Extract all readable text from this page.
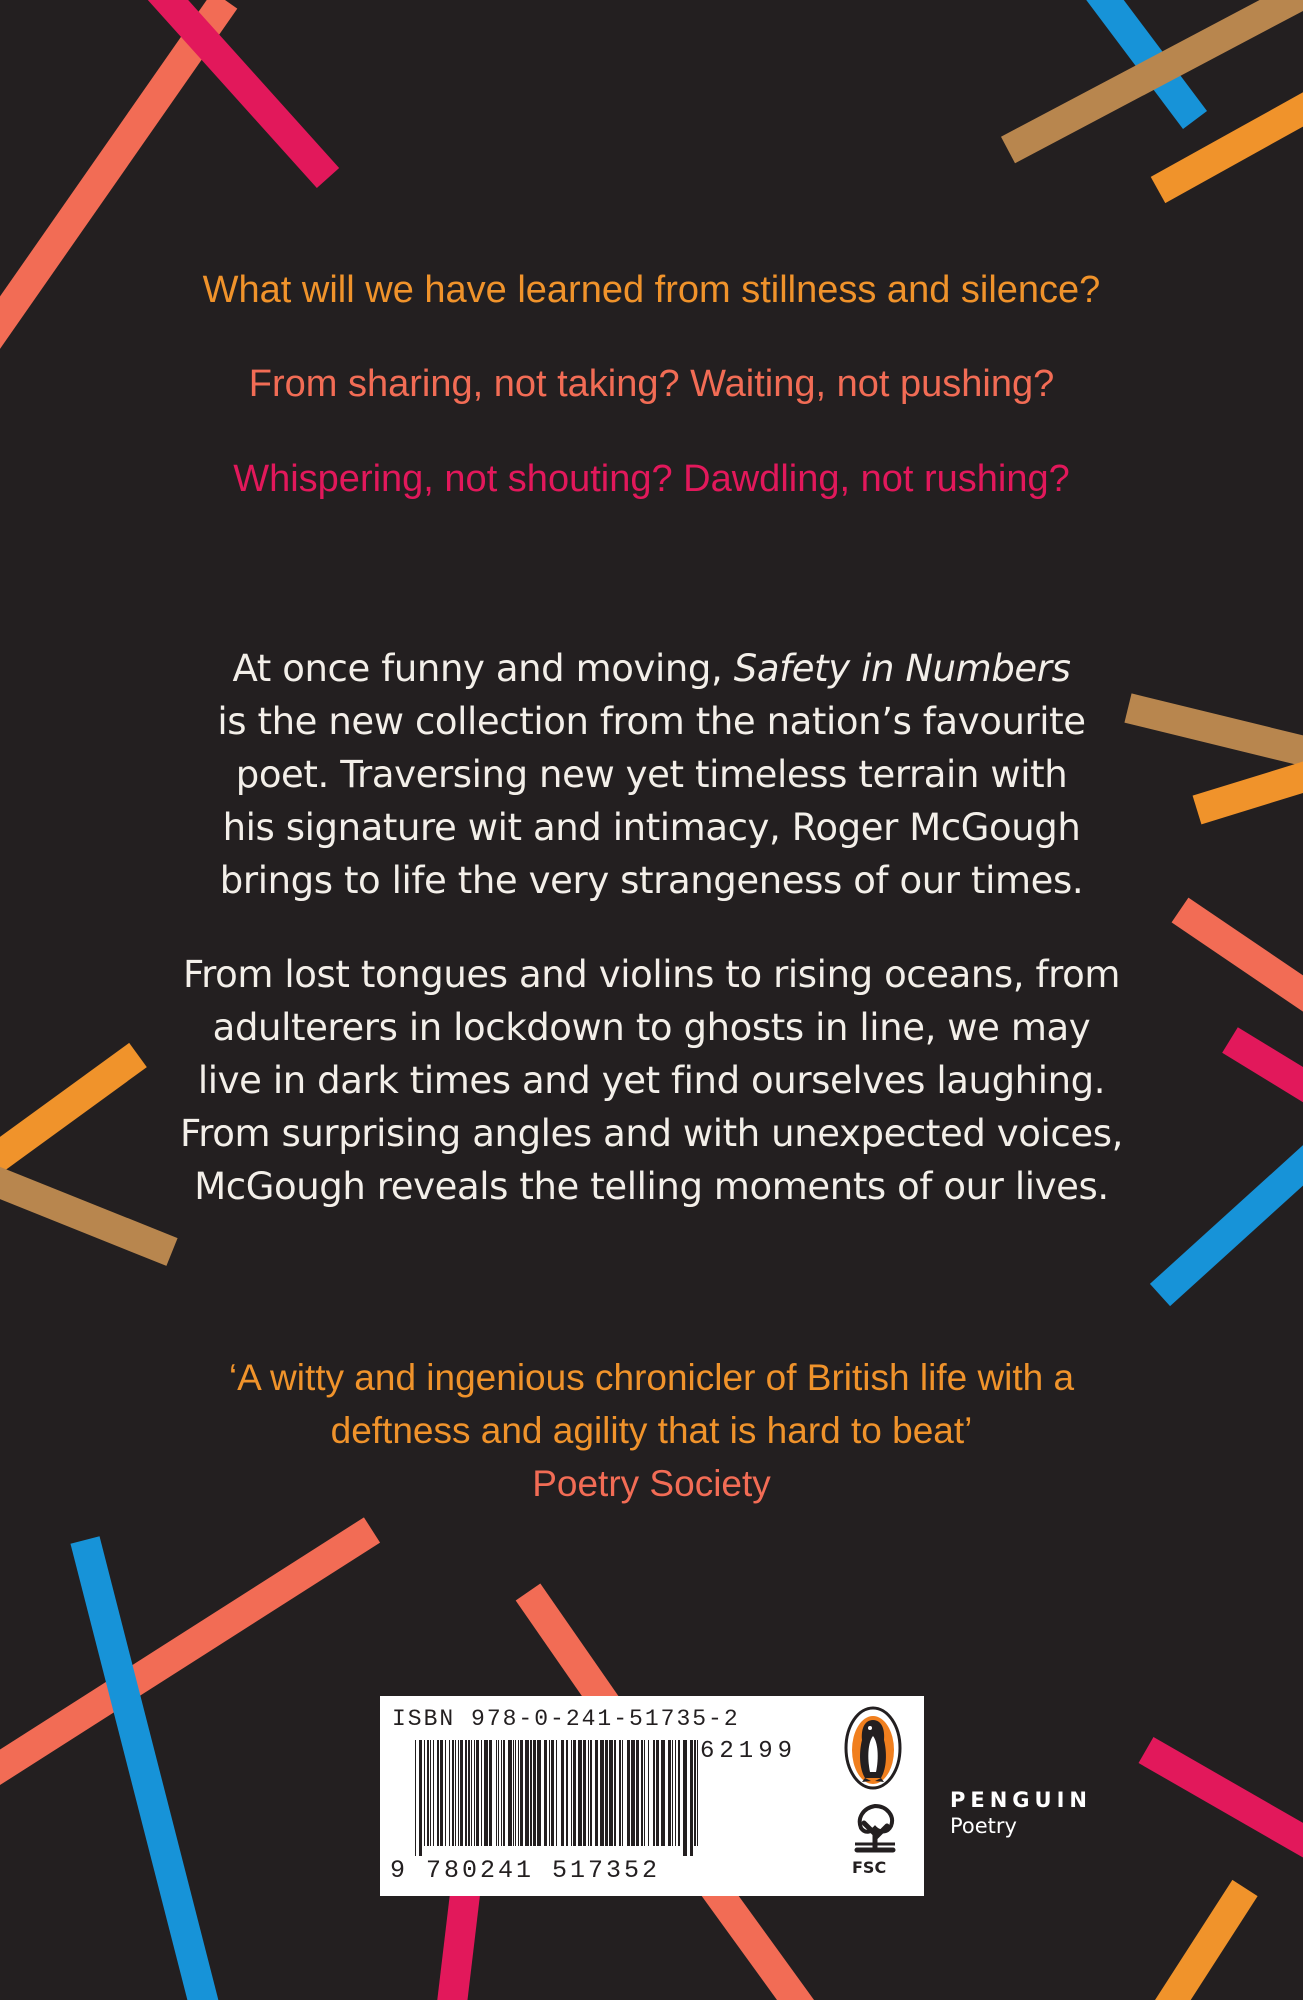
What will we have learned from stillness and silence?
From sharing, not taking? Waiting, not pushing?
Whispering, not shouting? Dawdling, not rushing?
At once funny and moving, Safety in Numbers
is the new collection from the nation’s favourite
poet. Traversing new yet timeless terrain with
his signature wit and intimacy, Roger McGough
brings to life the very strangeness of our times.
From lost tongues and violins to rising oceans, from
adulterers in lockdown to ghosts in line, we may
live in dark times and yet find ourselves laughing.
From surprising angles and with unexpected voices,
McGough reveals the telling moments of our lives.
‘A witty and ingenious chronicler of British life with a
deftness and agility that is hard to beat’
Poetry Society
ISBN 978-0-241-51735-2
62199
9 780241 517352	FSC
PENGUIN
Poetry
